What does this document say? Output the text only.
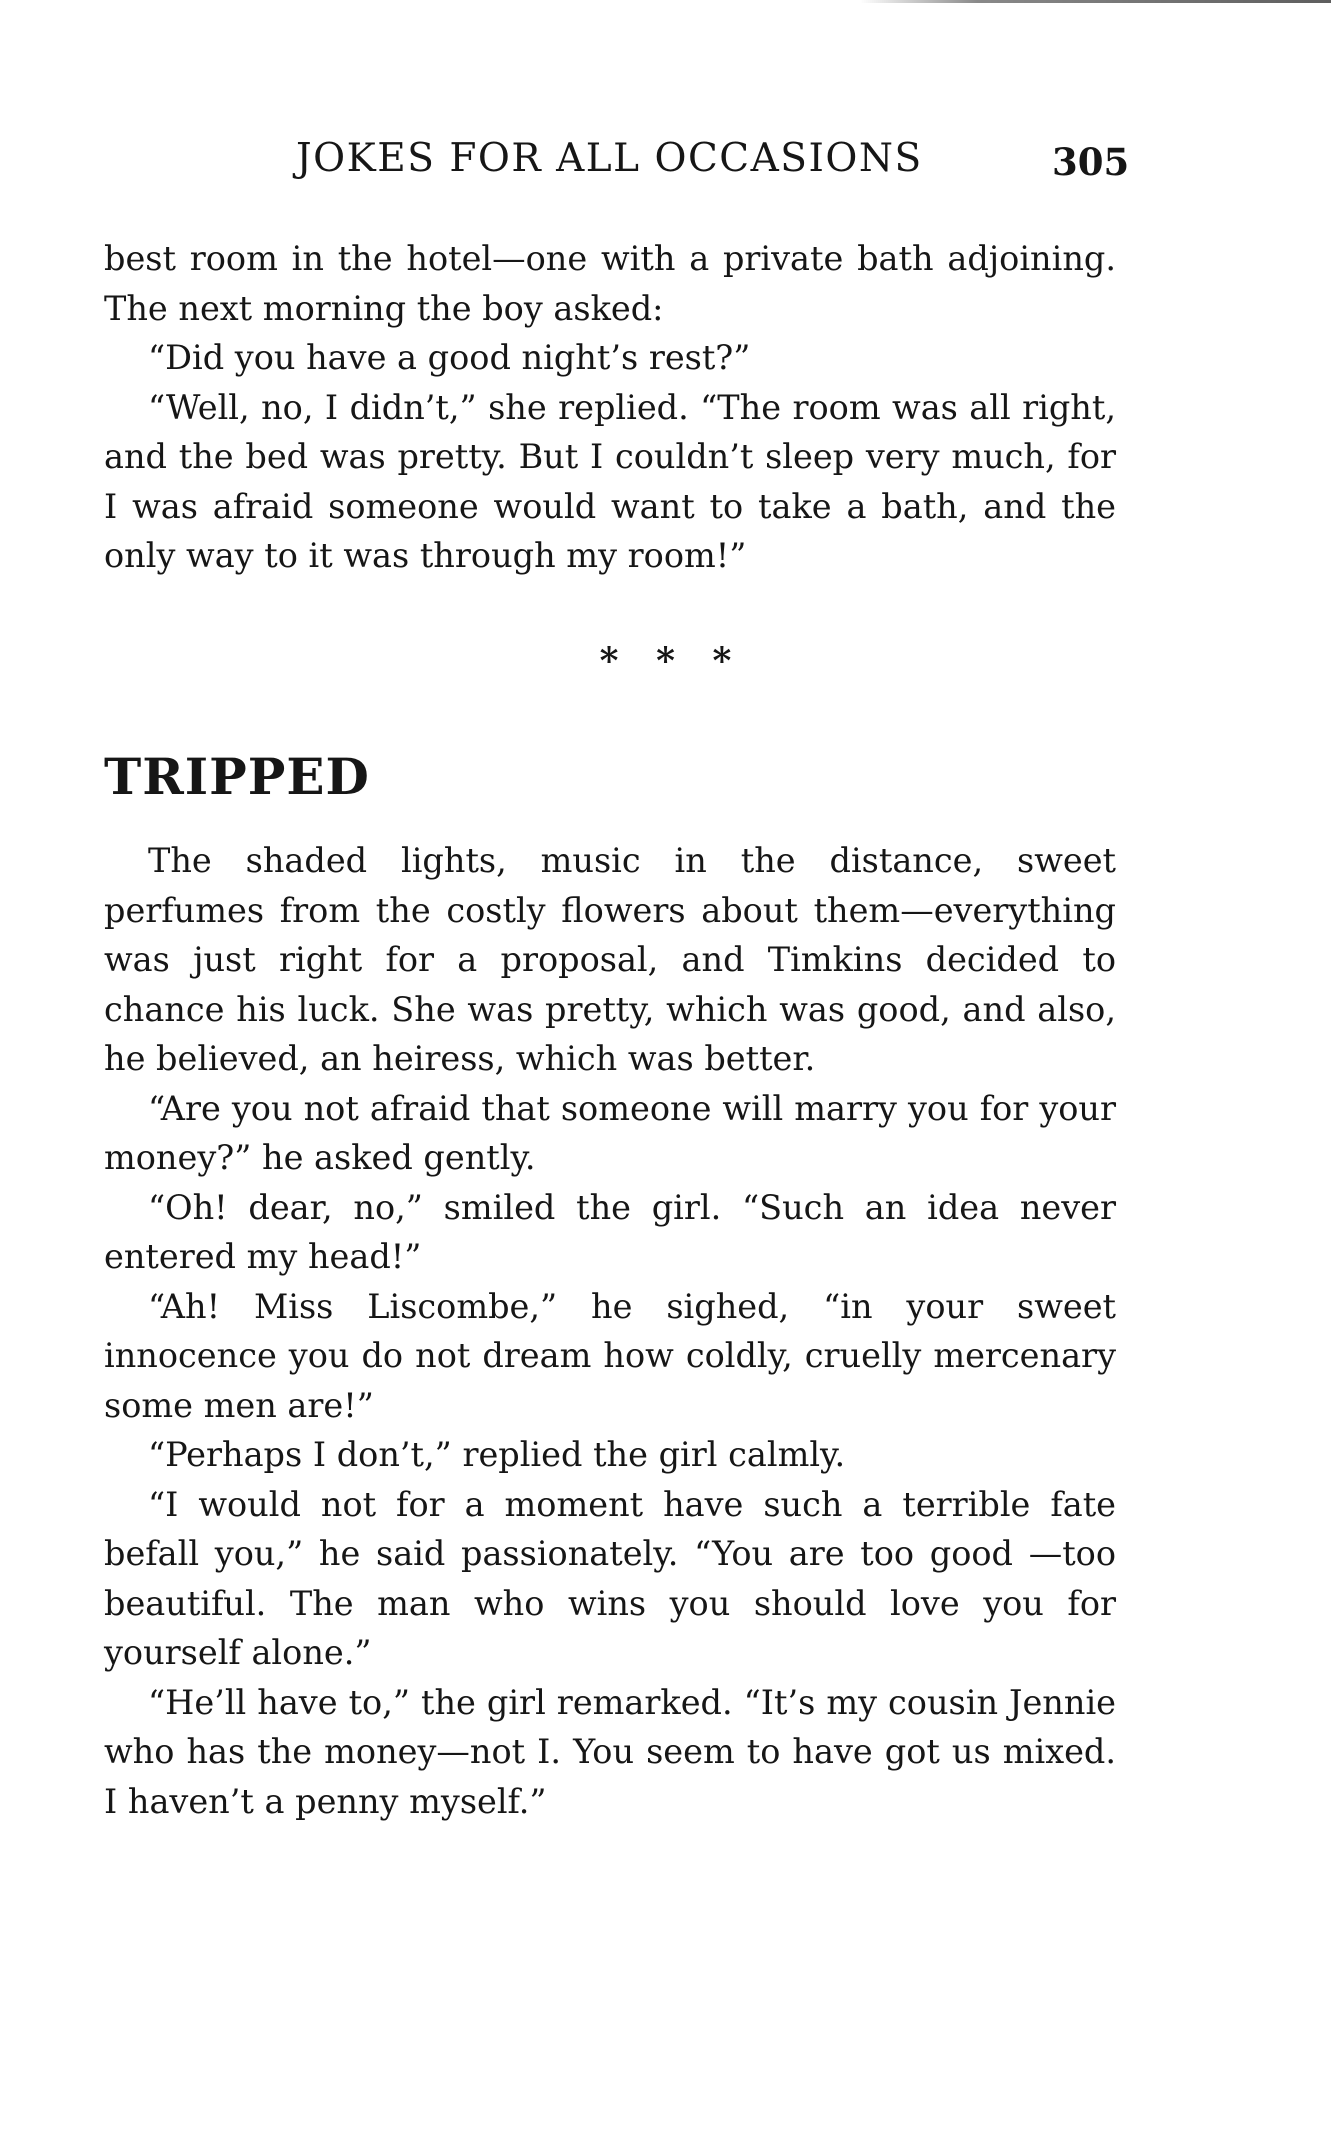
JOKES FOR ALL OCCASIONS	305

best room in the hotel—one with a private bath adjoining. The next morning the boy asked:

“Did you have a good night’s rest?”

“Well, no, I didn’t,” she replied. “The room was all right, and the bed was pretty. But I couldn’t sleep very much, for I was afraid someone would want to take a bath, and the only way to it was through my room!”

*   *   *
TRIPPED

The shaded lights, music in the distance, sweet perfumes from the costly flowers about them—everything was just right for a proposal, and Timkins decided to chance his luck. She was pretty, which was good, and also, he believed, an heiress, which was better.

“Are you not afraid that someone will marry you for your money?” he asked gently.

“Oh! dear, no,” smiled the girl. “Such an idea never entered my head!”

“Ah! Miss Liscombe,” he sighed, “in your sweet innocence you do not dream how coldly, cruelly mercenary some men are!”

“Perhaps I don’t,” replied the girl calmly.

“I would not for a moment have such a terrible fate befall you,” he said passionately. “You are too good —too beautiful. The man who wins you should love you for yourself alone.”

“He’ll have to,” the girl remarked. “It’s my cousin Jennie who has the money—not I. You seem to have got us mixed. I haven’t a penny myself.”
